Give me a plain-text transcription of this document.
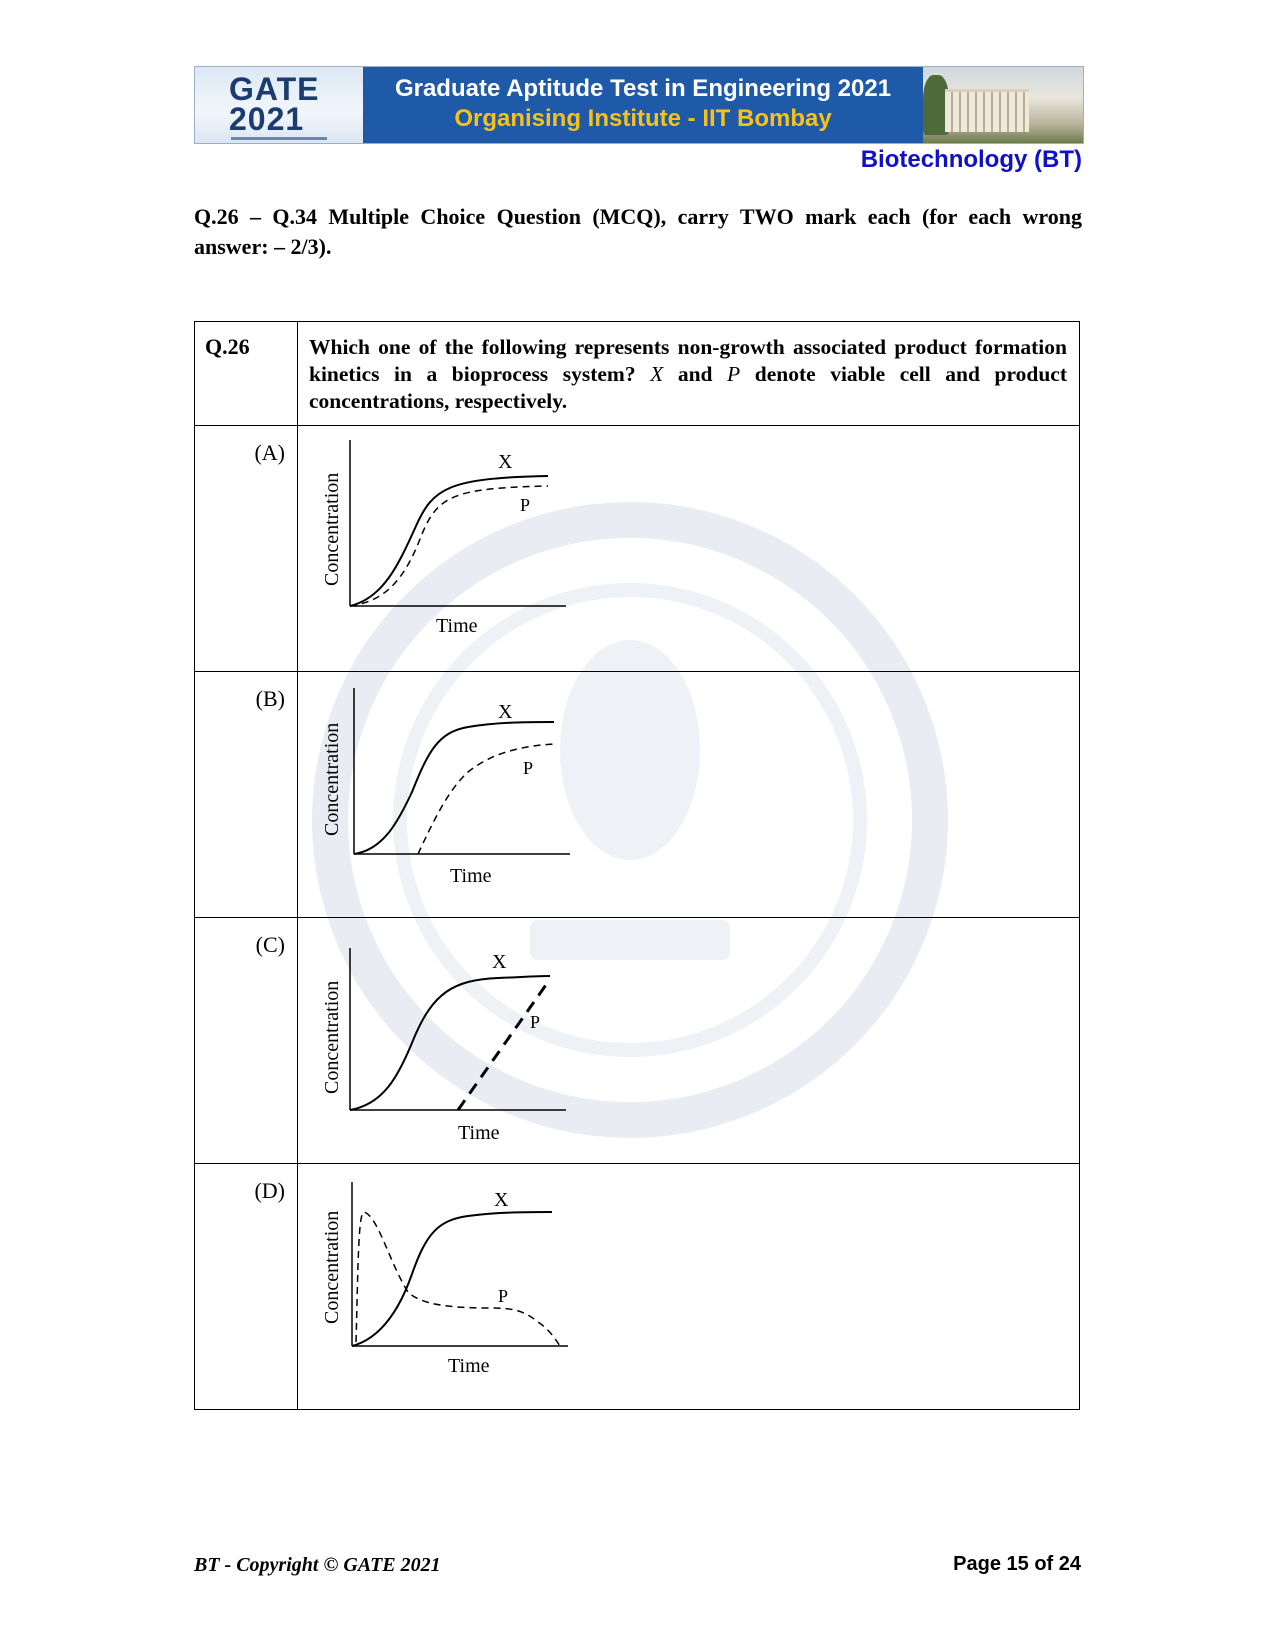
GATE
2021
Graduate Aptitude Test in Engineering 2021
Organising Institute - IIT Bombay
Biotechnology (BT)
Q.26 – Q.34 Multiple Choice Question (MCQ), carry TWO mark each (for each wrong answer: – 2/3).
Q.26	Which one of the following represents non-growth associated product formation kinetics in a bioprocess system? X and P denote viable cell and product concentrations, respectively.
(A)	X
P
Time
Concentration

(B)	X
P
Time
Concentration

(C)	X
P
Time
Concentration

(D)	X
P
Time
Concentration
BT - Copyright © GATE 2021	Page 15 of 24
